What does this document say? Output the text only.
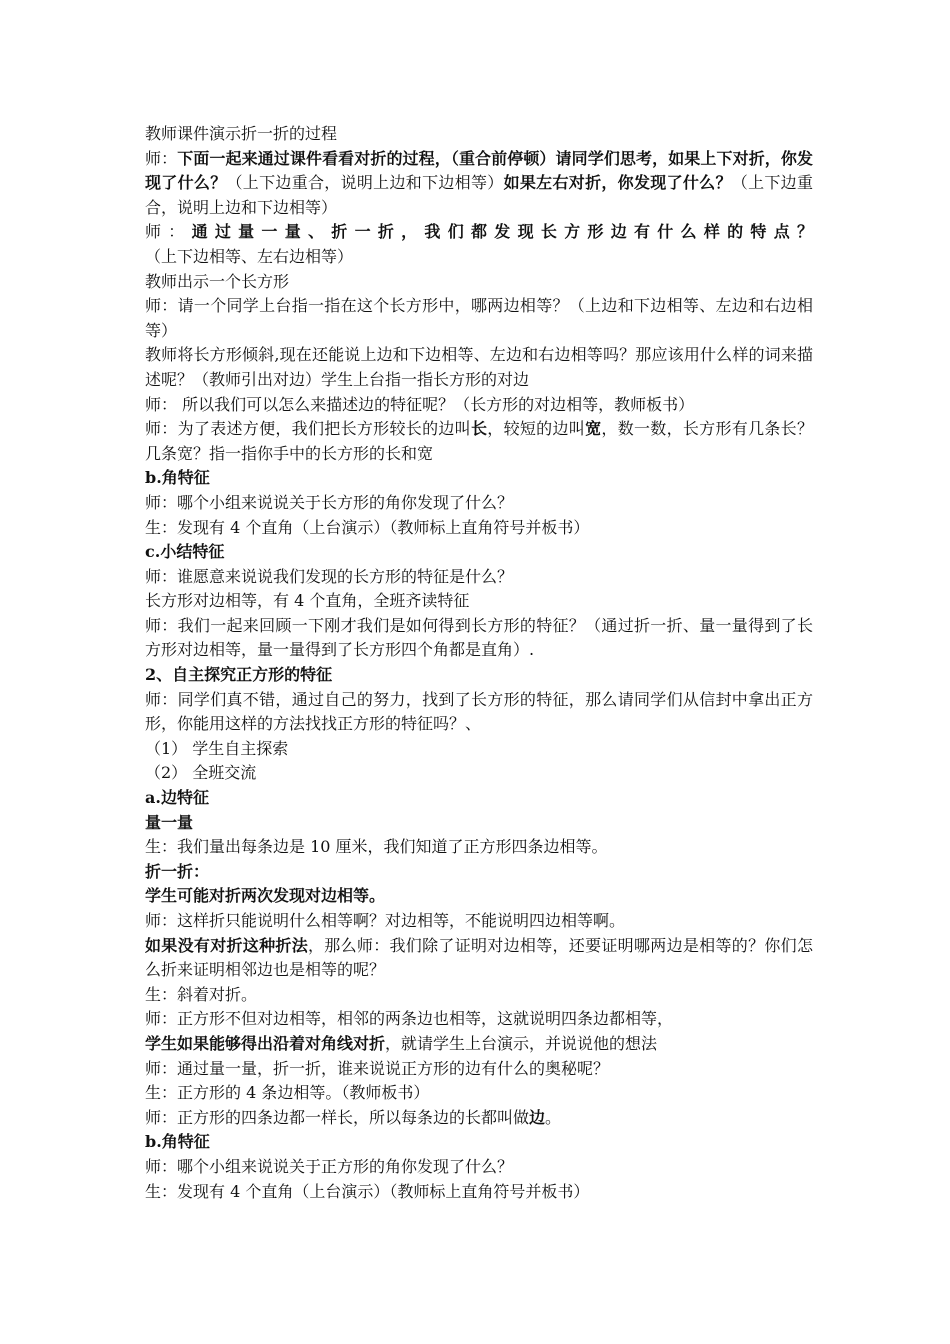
教师课件演示折一折的过程

师：下面一起来通过课件看看对折的过程，（重合前停顿）请同学们思考，如果上下对折，你发现了什么？（上下边重合，说明上边和下边相等）如果左右对折，你发现了什么？（上下边重合，说明上边和下边相等）

师：通过量一量、折一折，我们都发现长方形边有什么样的特点？（上下边相等、左右边相等）

教师出示一个长方形

师：请一个同学上台指一指在这个长方形中，哪两边相等？（上边和下边相等、左边和右边相等）

教师将长方形倾斜,现在还能说上边和下边相等、左边和右边相等吗？那应该用什么样的词来描述呢？（教师引出对边）学生上台指一指长方形的对边

师： 所以我们可以怎么来描述边的特征呢？（长方形的对边相等，教师板书）

师：为了表述方便，我们把长方形较长的边叫长，较短的边叫宽，数一数，长方形有几条长？几条宽？指一指你手中的长方形的长和宽

b.角特征

师：哪个小组来说说关于长方形的角你发现了什么？

生：发现有 4 个直角（上台演示）（教师标上直角符号并板书）

c.小结特征

师：谁愿意来说说我们发现的长方形的特征是什么？

长方形对边相等，有 4 个直角，全班齐读特征

师：我们一起来回顾一下刚才我们是如何得到长方形的特征？（通过折一折、量一量得到了长方形对边相等，量一量得到了长方形四个角都是直角）.

2、自主探究正方形的特征

师：同学们真不错，通过自己的努力，找到了长方形的特征，那么请同学们从信封中拿出正方形，你能用这样的方法找找正方形的特征吗？、

（1） 学生自主探索

（2） 全班交流

a.边特征

量一量

生：我们量出每条边是 10 厘米，我们知道了正方形四条边相等。

折一折：

学生可能对折两次发现对边相等。

师：这样折只能说明什么相等啊？对边相等，不能说明四边相等啊。

如果没有对折这种折法，那么师：我们除了证明对边相等，还要证明哪两边是相等的？你们怎么折来证明相邻边也是相等的呢？

生：斜着对折。

师：正方形不但对边相等，相邻的两条边也相等，这就说明四条边都相等，

学生如果能够得出沿着对角线对折，就请学生上台演示，并说说他的想法

师：通过量一量，折一折，谁来说说正方形的边有什么的奥秘呢？

生：正方形的 4 条边相等。（教师板书）

师：正方形的四条边都一样长，所以每条边的长都叫做边。

b.角特征

师：哪个小组来说说关于正方形的角你发现了什么？

生：发现有 4 个直角（上台演示）（教师标上直角符号并板书）
